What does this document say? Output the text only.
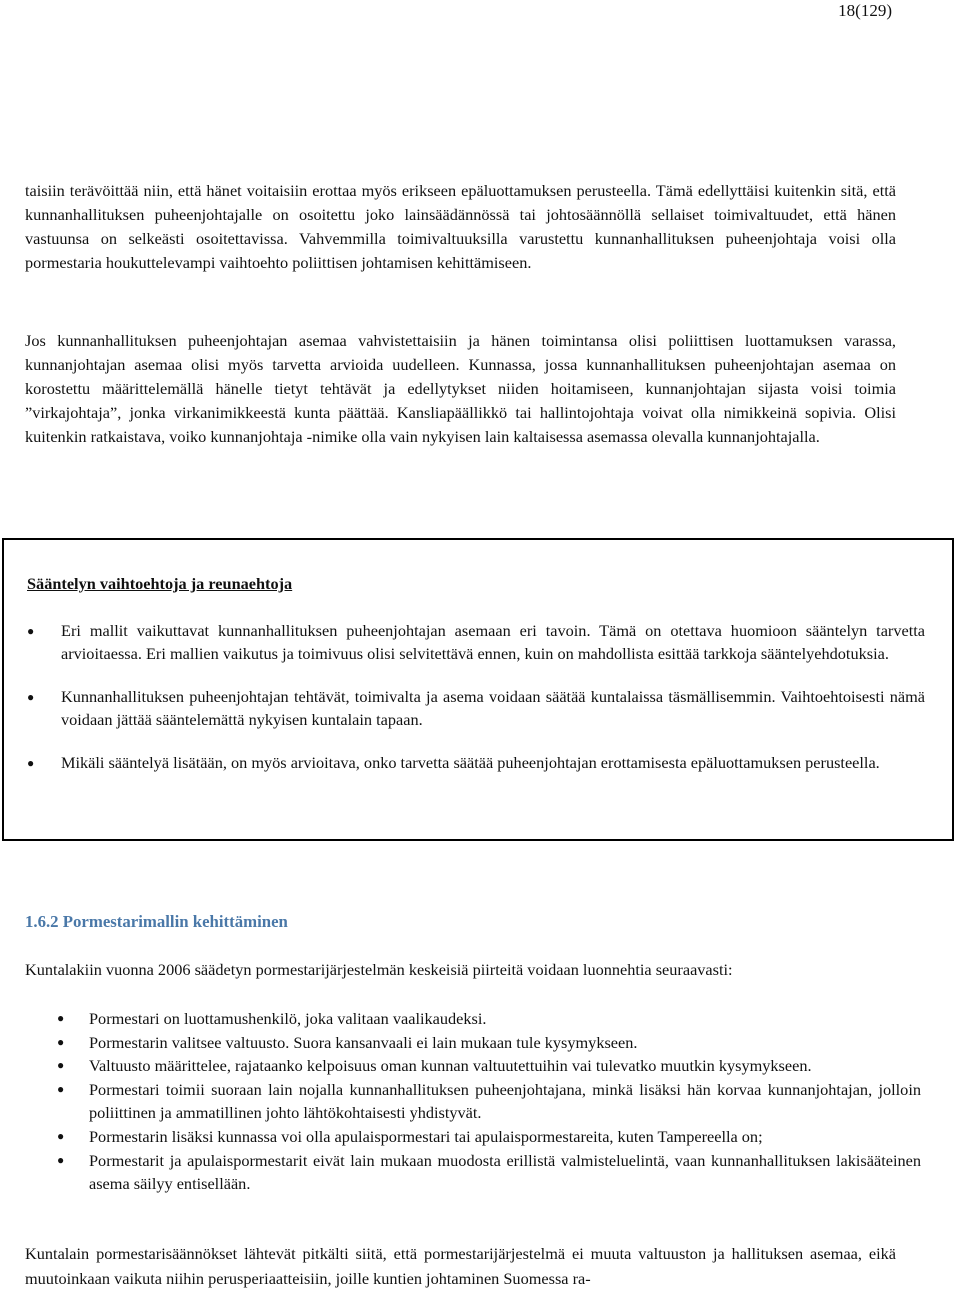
18(129)

taisiin terävöittää niin, että hänet voitaisiin erottaa myös erikseen epäluottamuksen perusteella. Tämä edellyttäisi kuitenkin sitä, että kunnanhallituksen puheenjohtajalle on osoitettu joko lainsäädännössä tai johtosäännöllä sellaiset toimivaltuudet, että hänen vastuunsa on selkeästi osoitettavissa. Vahvemmilla toimivaltuuksilla varustettu kunnanhallituksen puheenjohtaja voisi olla pormestaria houkuttelevampi vaihtoehto poliittisen johtamisen kehittämiseen.

Jos kunnanhallituksen puheenjohtajan asemaa vahvistettaisiin ja hänen toimintansa olisi poliittisen luottamuksen varassa, kunnanjohtajan asemaa olisi myös tarvetta arvioida uudelleen. Kunnassa, jossa kunnanhallituksen puheenjohtajan asemaa on korostettu määrittelemällä hänelle tietyt tehtävät ja edellytykset niiden hoitamiseen, kunnanjohtajan sijasta voisi toimia ”virkajohtaja”, jonka virkanimikkeestä kunta päättää. Kansliapäällikkö tai hallintojohtaja voivat olla nimikkeinä sopivia. Olisi kuitenkin ratkaistava, voiko kunnanjohtaja -nimike olla vain nykyisen lain kaltaisessa asemassa olevalla kunnanjohtajalla.

Sääntelyn vaihtoehtoja ja reunaehtoja
● Eri mallit vaikuttavat kunnanhallituksen puheenjohtajan asemaan eri tavoin. Tämä on otettava huomioon sääntelyn tarvetta arvioitaessa. Eri mallien vaikutus ja toimivuus olisi selvitettävä ennen, kuin on mahdollista esittää tarkkoja sääntelyehdotuksia.
● Kunnanhallituksen puheenjohtajan tehtävät, toimivalta ja asema voidaan säätää kuntalaissa täsmällisemmin. Vaihtoehtoisesti nämä voidaan jättää sääntelemättä nykyisen kuntalain tapaan.
● Mikäli sääntelyä lisätään, on myös arvioitava, onko tarvetta säätää puheenjohtajan erottamisesta epäluottamuksen perusteella.
1.6.2 Pormestarimallin kehittäminen

Kuntalakiin vuonna 2006 säädetyn pormestarijärjestelmän keskeisiä piirteitä voidaan luonnehtia seuraavasti:

● Pormestari on luottamushenkilö, joka valitaan vaalikaudeksi.
● Pormestarin valitsee valtuusto. Suora kansanvaali ei lain mukaan tule kysymykseen.
● Valtuusto määrittelee, rajataanko kelpoisuus oman kunnan valtuutettuihin vai tulevatko muutkin kysymykseen.
● Pormestari toimii suoraan lain nojalla kunnanhallituksen puheenjohtajana, minkä lisäksi hän korvaa kunnanjohtajan, jolloin poliittinen ja ammatillinen johto lähtökohtaisesti yhdistyvät.
● Pormestarin lisäksi kunnassa voi olla apulaispormestari tai apulaispormestareita, kuten Tampereella on;
● Pormestarit ja apulaispormestarit eivät lain mukaan muodosta erillistä valmisteluelintä, vaan kunnanhallituksen lakisääteinen asema säilyy entisellään.

Kuntalain pormestarisäännökset lähtevät pitkälti siitä, että pormestarijärjestelmä ei muuta valtuuston ja hallituksen asemaa, eikä muutoinkaan vaikuta niihin perusperiaatteisiin, joille kuntien johtaminen Suomessa ra-
